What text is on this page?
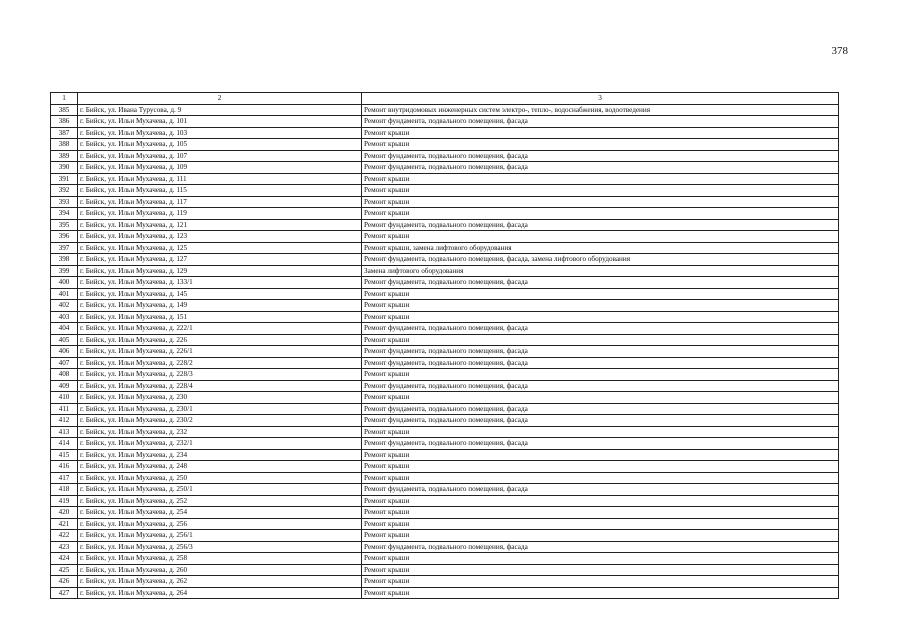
378
1	2	3
385	г. Бийск, ул. Ивана Турусова, д. 9	Ремонт внутридомовых инженерных систем электро-, тепло-, водоснабжения, водоотведения
386	г. Бийск, ул. Ильи Мухачева, д. 101	Ремонт фундамента, подвального помещения, фасада
387	г. Бийск, ул. Ильи Мухачева, д. 103	Ремонт крыши
388	г. Бийск, ул. Ильи Мухачева, д. 105	Ремонт крыши
389	г. Бийск, ул. Ильи Мухачева, д. 107	Ремонт фундамента, подвального помещения, фасада
390	г. Бийск, ул. Ильи Мухачева, д. 109	Ремонт фундамента, подвального помещения, фасада
391	г. Бийск, ул. Ильи Мухачева, д. 111	Ремонт крыши
392	г. Бийск, ул. Ильи Мухачева, д. 115	Ремонт крыши
393	г. Бийск, ул. Ильи Мухачева, д. 117	Ремонт крыши
394	г. Бийск, ул. Ильи Мухачева, д. 119	Ремонт крыши
395	г. Бийск, ул. Ильи Мухачева, д. 121	Ремонт фундамента, подвального помещения, фасада
396	г. Бийск, ул. Ильи Мухачева, д. 123	Ремонт крыши
397	г. Бийск, ул. Ильи Мухачева, д. 125	Ремонт крыши, замена лифтового оборудования
398	г. Бийск, ул. Ильи Мухачева, д. 127	Ремонт фундамента, подвального помещения, фасада, замена лифтового оборудования
399	г. Бийск, ул. Ильи Мухачева, д. 129	Замена лифтового оборудования
400	г. Бийск, ул. Ильи Мухачева, д. 133/1	Ремонт фундамента, подвального помещения, фасада
401	г. Бийск, ул. Ильи Мухачева, д. 145	Ремонт крыши
402	г. Бийск, ул. Ильи Мухачева, д. 149	Ремонт крыши
403	г. Бийск, ул. Ильи Мухачева, д. 151	Ремонт крыши
404	г. Бийск, ул. Ильи Мухачева, д. 222/1	Ремонт фундамента, подвального помещения, фасада
405	г. Бийск, ул. Ильи Мухачева, д. 226	Ремонт крыши
406	г. Бийск, ул. Ильи Мухачева, д. 226/1	Ремонт фундамента, подвального помещения, фасада
407	г. Бийск, ул. Ильи Мухачева, д. 228/2	Ремонт фундамента, подвального помещения, фасада
408	г. Бийск, ул. Ильи Мухачева, д. 228/3	Ремонт крыши
409	г. Бийск, ул. Ильи Мухачева, д. 228/4	Ремонт фундамента, подвального помещения, фасада
410	г. Бийск, ул. Ильи Мухачева, д. 230	Ремонт крыши
411	г. Бийск, ул. Ильи Мухачева, д. 230/1	Ремонт фундамента, подвального помещения, фасада
412	г. Бийск, ул. Ильи Мухачева, д. 230/2	Ремонт фундамента, подвального помещения, фасада
413	г. Бийск, ул. Ильи Мухачева, д. 232	Ремонт крыши
414	г. Бийск, ул. Ильи Мухачева, д. 232/1	Ремонт фундамента, подвального помещения, фасада
415	г. Бийск, ул. Ильи Мухачева, д. 234	Ремонт крыши
416	г. Бийск, ул. Ильи Мухачева, д. 248	Ремонт крыши
417	г. Бийск, ул. Ильи Мухачева, д. 250	Ремонт крыши
418	г. Бийск, ул. Ильи Мухачева, д. 250/1	Ремонт фундамента, подвального помещения, фасада
419	г. Бийск, ул. Ильи Мухачева, д. 252	Ремонт крыши
420	г. Бийск, ул. Ильи Мухачева, д. 254	Ремонт крыши
421	г. Бийск, ул. Ильи Мухачева, д. 256	Ремонт крыши
422	г. Бийск, ул. Ильи Мухачева, д. 256/1	Ремонт крыши
423	г. Бийск, ул. Ильи Мухачева, д. 256/3	Ремонт фундамента, подвального помещения, фасада
424	г. Бийск, ул. Ильи Мухачева, д. 258	Ремонт крыши
425	г. Бийск, ул. Ильи Мухачева, д. 260	Ремонт крыши
426	г. Бийск, ул. Ильи Мухачева, д. 262	Ремонт крыши
427	г. Бийск, ул. Ильи Мухачева, д. 264	Ремонт крыши
